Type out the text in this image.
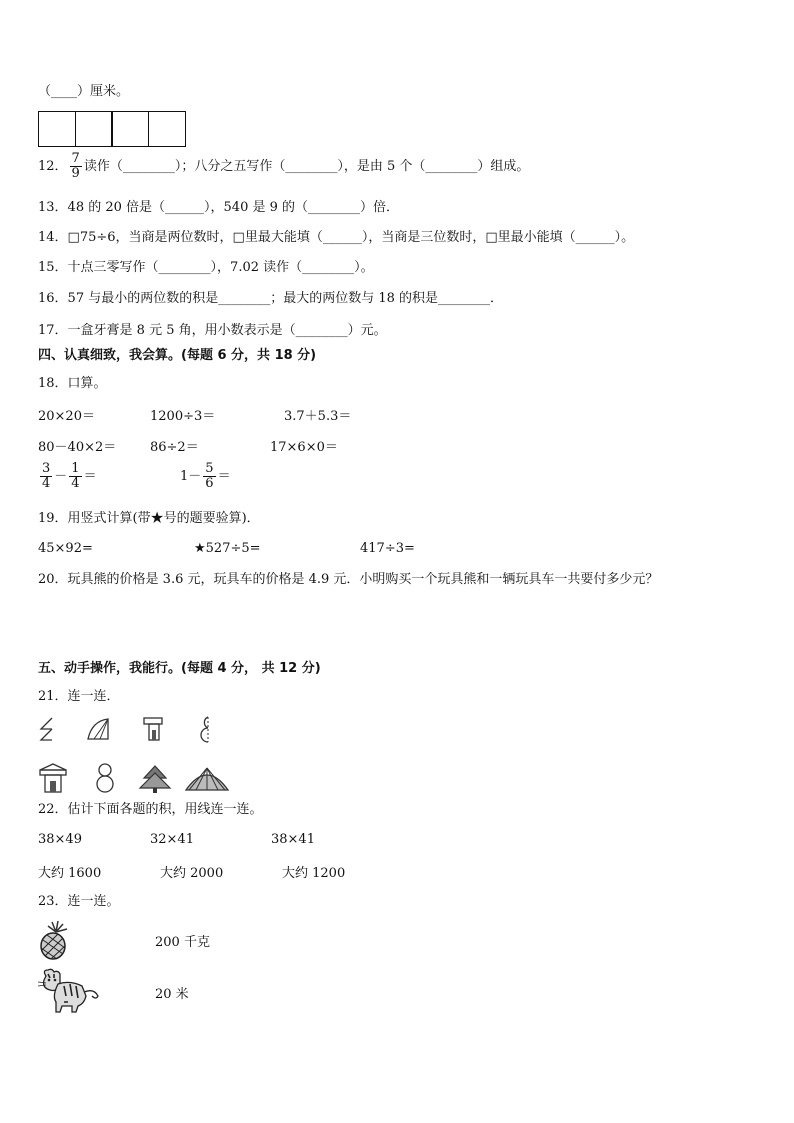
（____）厘米。
12． $\frac{7}{9}$ 读作（________）；八分之五写作（________），是由 5 个（________）组成。
13．48 的 20 倍是（______），540 是 9 的（________）倍．
14．□75÷6，当商是两位数时，□里最大能填（______），当商是三位数时，□里最小能填（______）。
15．十点三零写作（________），7.02 读作（________）。
16．57 与最小的两位数的积是________；最大的两位数与 18 的积是________．
17．一盒牙膏是 8 元 5 角，用小数表示是（________）元。
四、认真细致，我会算。(每题 6 分，共 18 分)
18．口算。
20×20＝	1200÷3＝	3.7＋5.3＝
80－40×2＝	86÷2＝	17×6×0＝
$\frac{3}{4} - \frac{1}{4}$ ＝	$1- \frac{5}{6}$ ＝
19．用竖式计算(带★号的题要验算)．
45×92=	★527÷5=	417÷3=
20．玩具熊的价格是 3.6 元，玩具车的价格是 4.9 元．小明购买一个玩具熊和一辆玩具车一共要付多少元？
五、动手操作，我能行。(每题 4 分， 共 12 分)
21．连一连．
22．估计下面各题的积，用线连一连。
38×49	32×41	38×41
大约 1600	大约 2000	大约 1200
23．连一连。
200 千克
20 米
